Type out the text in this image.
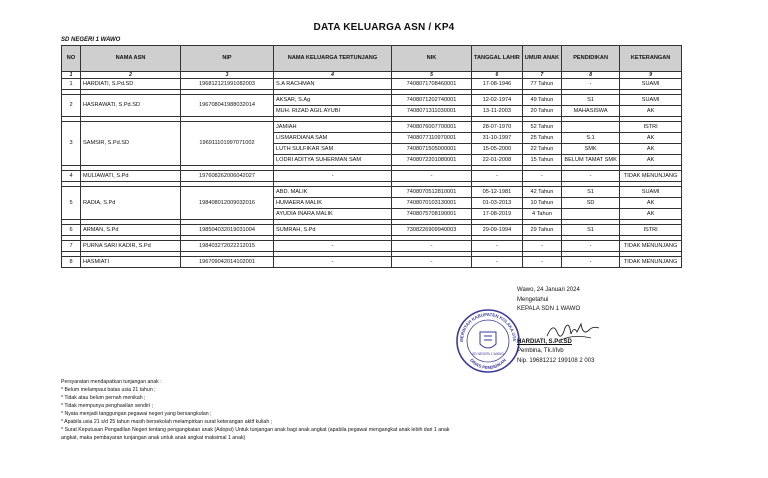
DATA KELUARGA ASN / KP4
SD NEGERI 1 WAWO
NO	NAMA ASN	NIP	NAMA KELUARGA TERTUNJANG	NIK	TANGGAL LAHIR	UMUR ANAK	PENDIDIKAN	KETERANGAN
1	2	3	4	5	6	7	8	9
1	HARDIATI, S.Pd.SD	196812121991082003	S.A RACHMAN	7408071708460001	17-08-1946	77 Tahun	-	SUAMI

2	HASRAWATI, S.Pd.SD	196708041988032014	AKSAR, S.Ag	7408071202740001	12-02-1974	49 Tahun	S1	SUAMI
			MUH. RIZAD AGIL AYUBI	7408071311030001	13-11-2003	20 Tahun	MAHASISWA	AK

3	SAMSIR, S.Pd.SD	196911101997071002	JAMIAH	7408076007700001	28-07-1970	52 Tahun		ISTRI
			LISMARDIANA SAM	7408077110970001	31-10-1997	25 Tahun	S.1	AK
			LUTH SULFIKAR SAM	7408071505000001	15-05-2000	22 Tahun	SMK	AK
			LODRI ADITYA SUHERMAN SAM	7408072201080001	22-01-2008	15 Tahun	BELUM TAMAT SMK	AK

4	MULIAWATI, S.Pd	197608262006042027	-	-	-	-	-	TIDAK MENUNJANG

5	RADIA, S.Pd	198408012009032016	ABD. MALIK	7408070512810001	05-12-1981	42 Tahun	S1	SUAMI
			HUMAERA MALIK	7408070103130001	01-03-2013	10 Tahun	SD	AK
			AYUDIA INARA MALIK	7408075708190001	17-08-2019	4 Tahun		AK

6	ARMAN, S.Pd	198504032019031004	SUMRAH, S.Pd	7308226909940003	29-09-1994	29 Tahun	S1	ISTRI

7	PURNA SARI KADIR, S.Pd	198403272022212015	-	-	-	-	-	TIDAK MENUNJANG

8	HASMIATI	196709042014102001	-	-	-	-	-	TIDAK MENUNJANG
MERINTAH KABUPATEN KOLAKA UTA
DINAS PENDIDIKAN
SD NEGERI 1 WAWO
Wawo, 24 Januari 2024
Mengetahui
KEPALA SDN 1 WAWO
HARDIATI, S.Pd.SD
Pembina, Tk.I/Ivb
Nip. 19681212 199108 2 003
Persyaratan mendapatkan tunjangan anak :
* Belum melampaui batas usia 21 tahun ;
* Tidak atau belum pernah menikah ;
* Tidak mempunya penghasilan sendiri ;
* Nyata menjadi tanggungan pegawai negeri yang bersangkutan ;
* Apabila usia 21 s/d 25 tahun masih bersekolah melampirkan surat keterangan aktif kuliah ;
* Surat Keputusan Pengadilan Negeri tentang pengangkatan anak (Adopsi) Untuk tunjangan anak bagi anak angkat (apabila pegawai mengangkat anak lebih dari 1 anak angkat, maka pembayaran tunjangan anak untuk anak angkat maksimal 1 anak)
